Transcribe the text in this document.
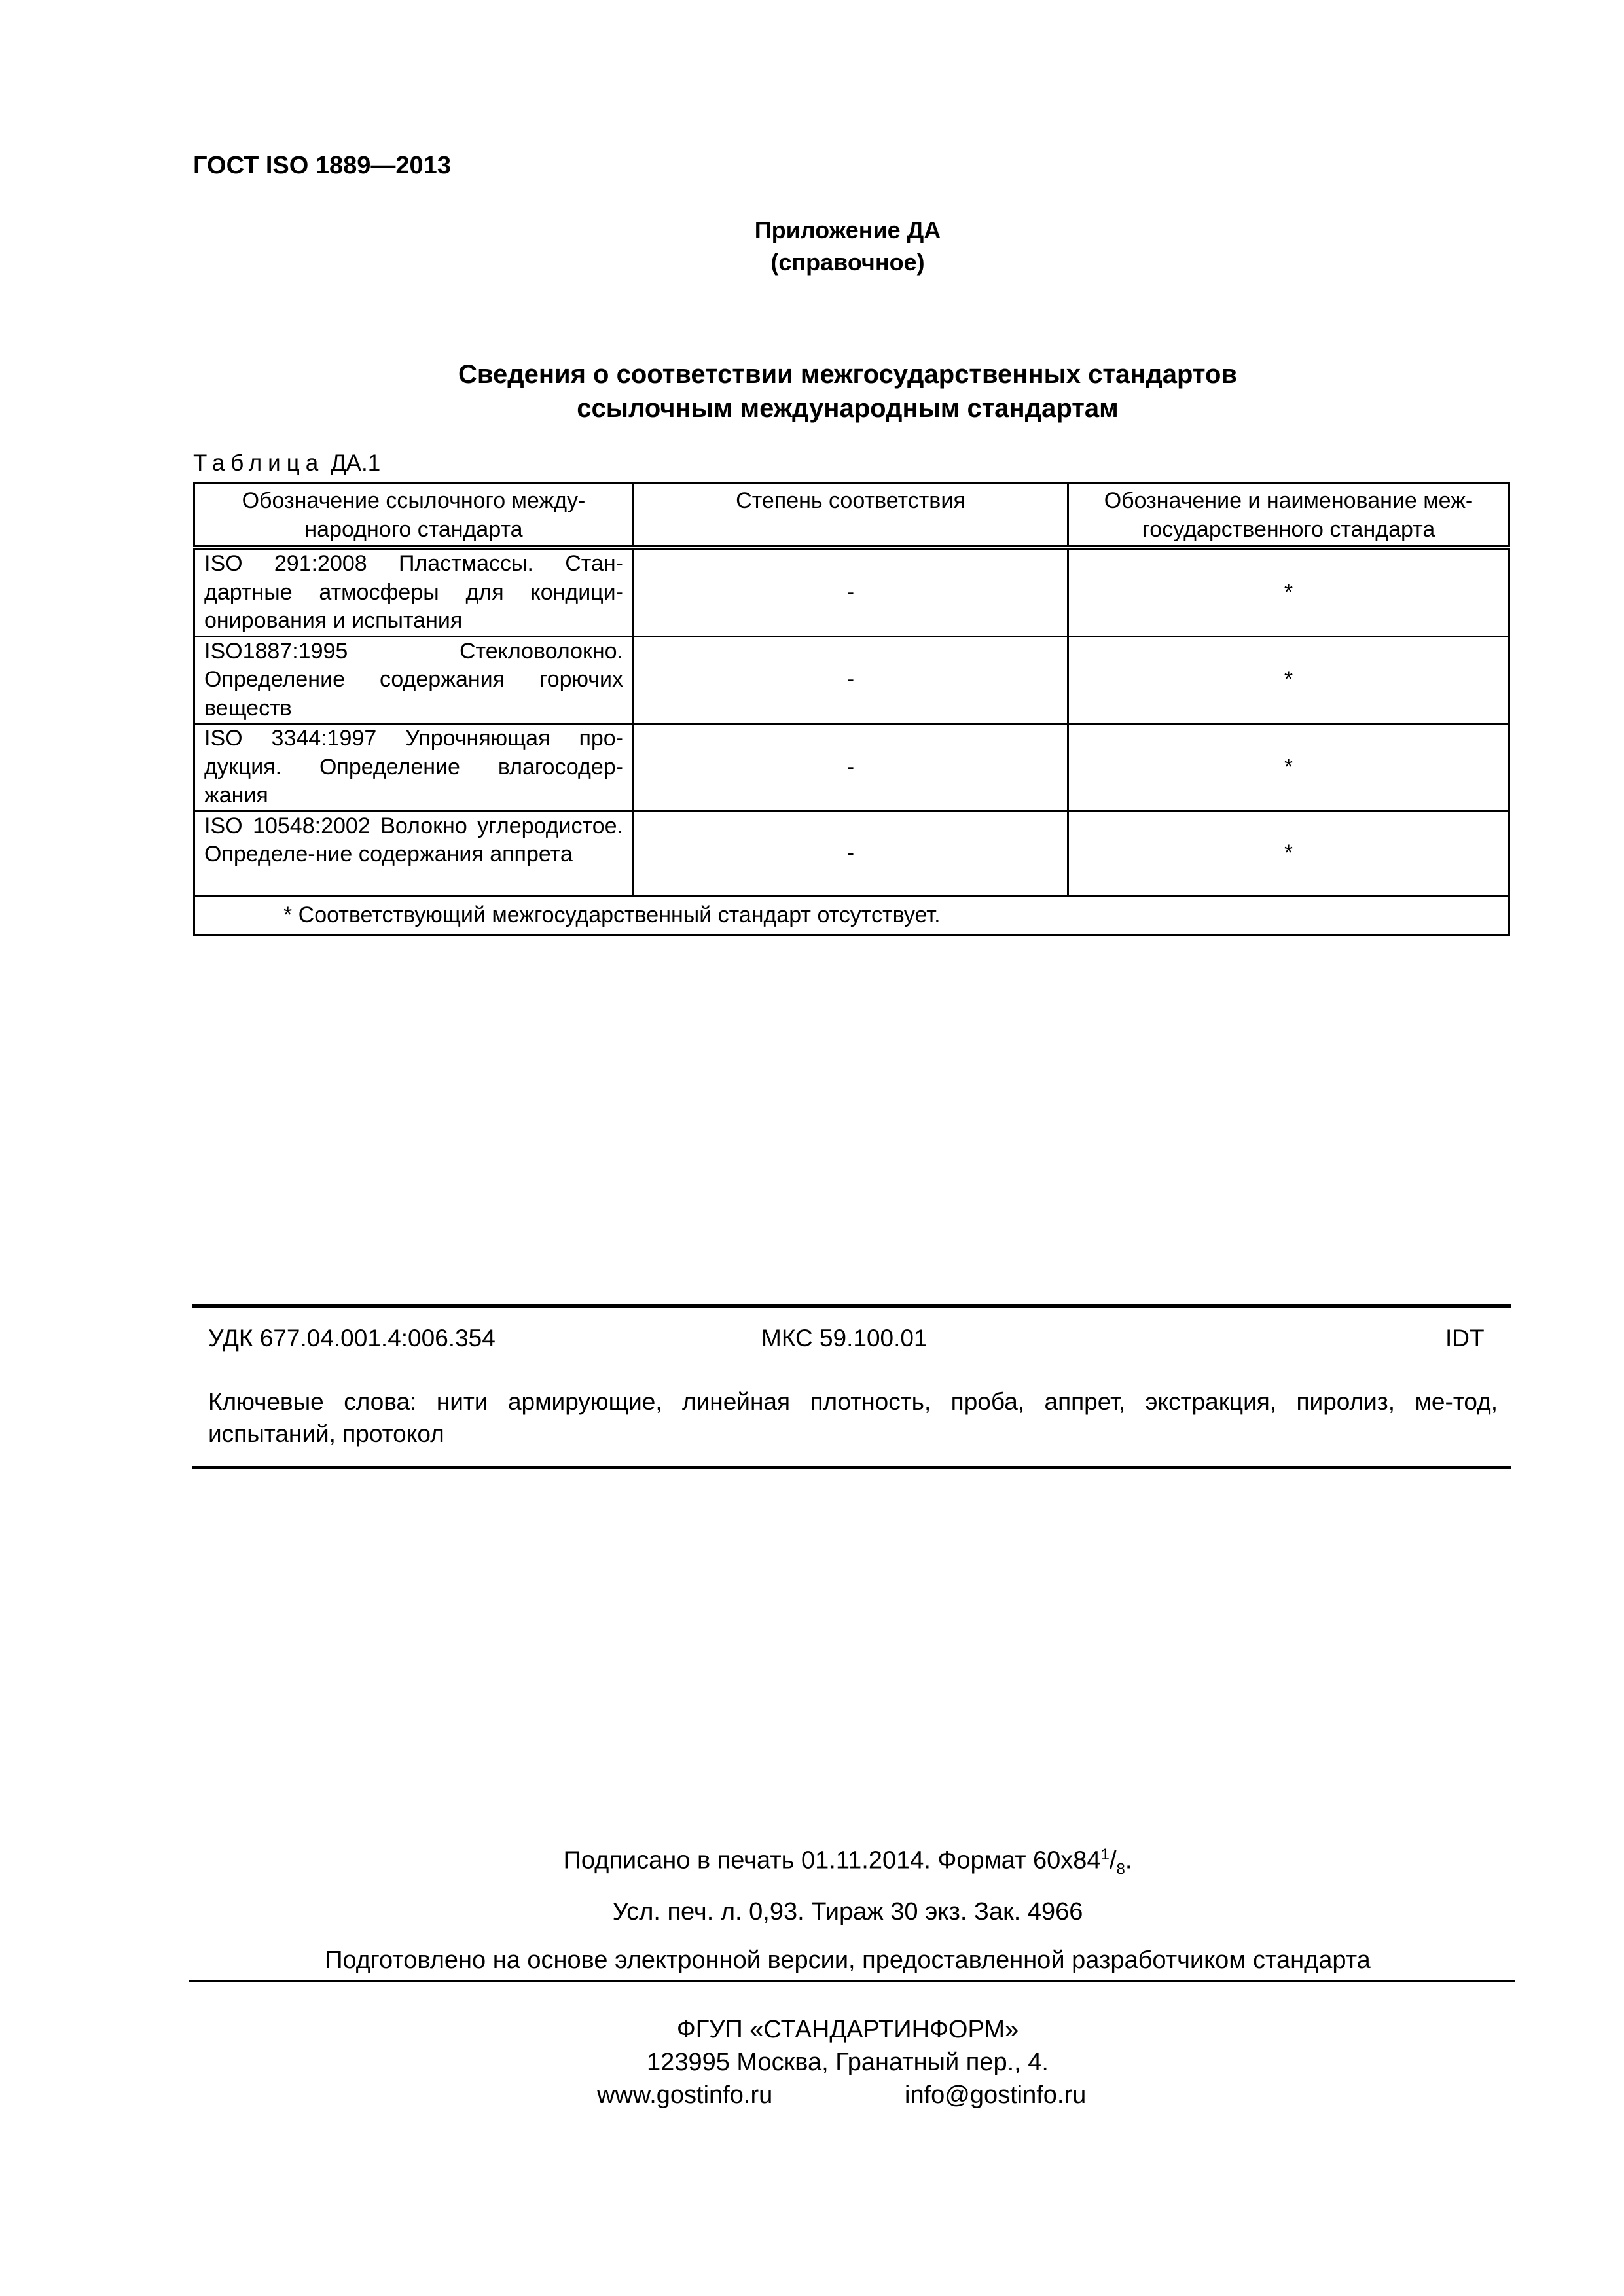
ГОСТ ISO 1889—2013
Приложение ДА
(справочное)
Сведения о соответствии межгосударственных стандартов
ссылочным международным стандартам
Таблица ДА.1
Обозначение ссылочного между-народного стандарта	Степень соответствия	Обозначение и наименование меж-государственного стандарта
ISO 291:2008 Пластмассы. Стан-дартные атмосферы для кондици-онирования и испытания	-	*
ISO1887:1995 Стекловолокно. Определение содержания горючих веществ	-	*
ISO 3344:1997 Упрочняющая про-дукция. Определение влагосодер-жания	-	*
ISO 10548:2002 Волокно углеродистое. Определе-ние содержания аппрета	-	*
* Соответствующий межгосударственный стандарт отсутствует.		
УДК 677.04.001.4:006.354	МКС 59.100.01	IDT
Ключевые слова: нити армирующие, линейная плотность, проба, аппрет, экстракция, пиролиз, ме-тод, испытаний, протокол
Подписано в печать 01.11.2014. Формат $60x84^1/_8$.
Усл. печ. л. 0,93. Тираж 30 экз. Зак. 4966
Подготовлено на основе электронной версии, предоставленной разработчиком стандарта
ФГУП «СТАНДАРТИНФОРМ»
123995 Москва, Гранатный пер., 4.
www.gostinfo.ru	info@gostinfo.ru
